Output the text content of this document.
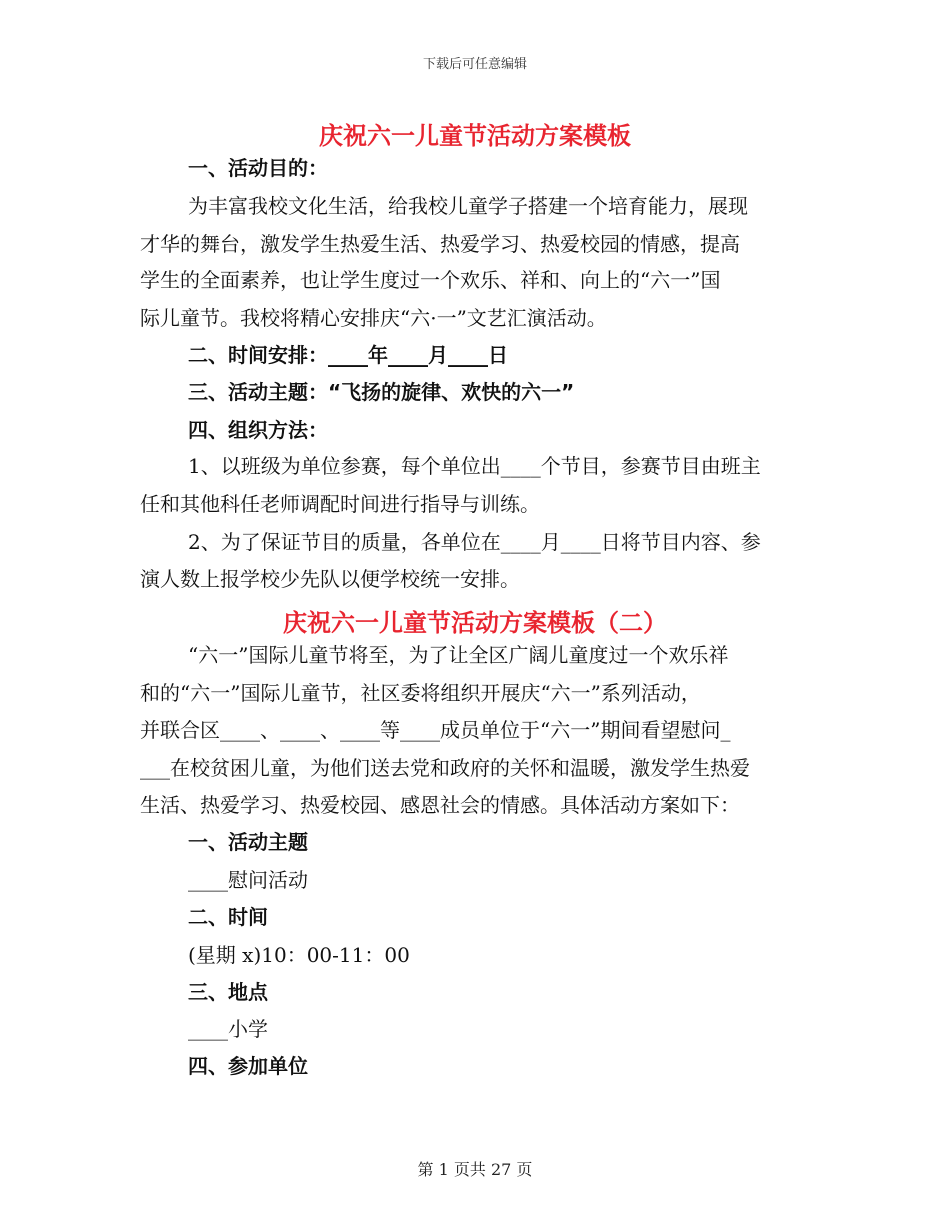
下载后可任意编辑
庆祝六一儿童节活动方案模板
一、活动目的：
为丰富我校文化生活，给我校儿童学子搭建一个培育能力，展现
才华的舞台，激发学生热爱生活、热爱学习、热爱校园的情感，提高
学生的全面素养，也让学生度过一个欢乐、祥和、向上的“六一”国
际儿童节。我校将精心安排庆“六·一”文艺汇演活动。
二、时间安排：____年____月____日
三、活动主题：“飞扬的旋律、欢快的六一”
四、组织方法：
1、以班级为单位参赛，每个单位出____个节目，参赛节目由班主
任和其他科任老师调配时间进行指导与训练。
2、为了保证节目的质量，各单位在____月____日将节目内容、参
演人数上报学校少先队以便学校统一安排。
庆祝六一儿童节活动方案模板（二）
“六一”国际儿童节将至，为了让全区广阔儿童度过一个欢乐祥
和的“六一”国际儿童节，社区委将组织开展庆“六一”系列活动，
并联合区____、____、____等____成员单位于“六一”期间看望慰问_
___在校贫困儿童，为他们送去党和政府的关怀和温暖，激发学生热爱
生活、热爱学习、热爱校园、感恩社会的情感。具体活动方案如下：
一、活动主题
____慰问活动
二、时间
(星期 x)10：00-11：00
三、地点
____小学
四、参加单位
第 1 页共 27 页
